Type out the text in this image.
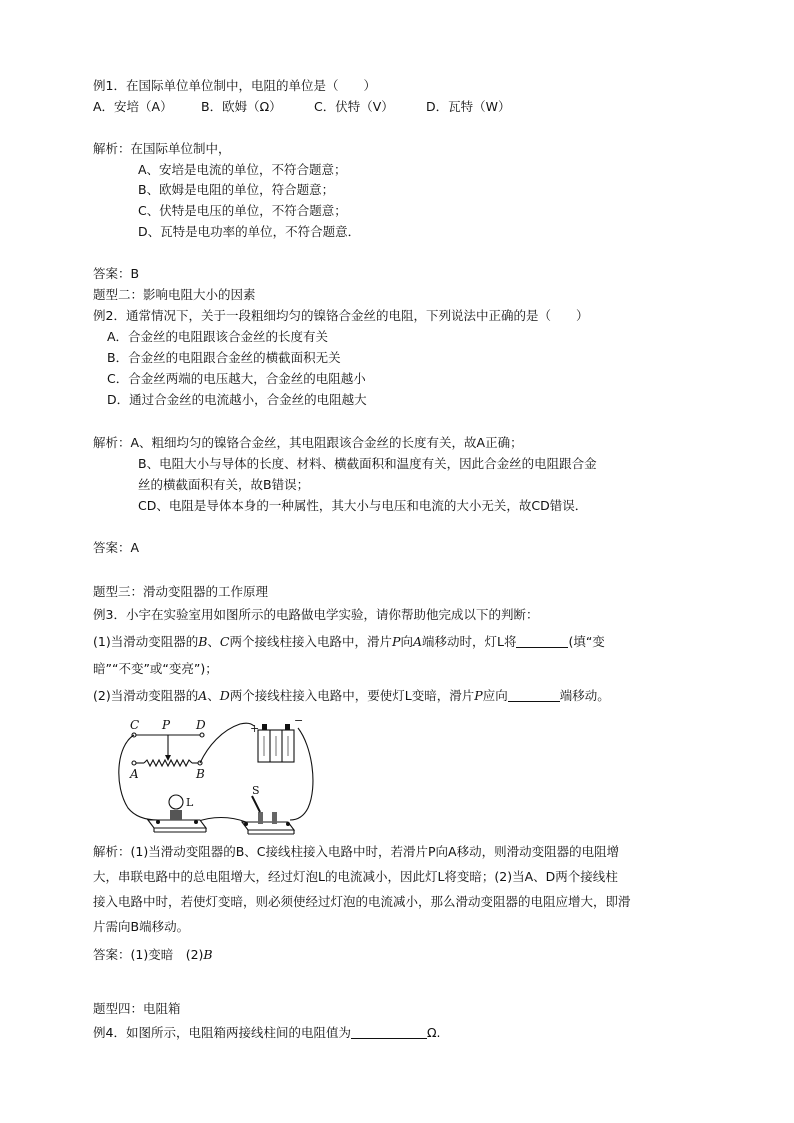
例1．在国际单位单位制中，电阻的单位是（　　）
A．安培（A） B．欧姆（Ω）	C．伏特（V）	D．瓦特（W）
解析：在国际单位制中，
A、安培是电流的单位，不符合题意；
B、欧姆是电阻的单位，符合题意；
C、伏特是电压的单位，不符合题意；
D、瓦特是电功率的单位，不符合题意．
答案：B
题型二：影响电阻大小的因素
例2．通常情况下，关于一段粗细均匀的镍铬合金丝的电阻，下列说法中正确的是（　　）
A．合金丝的电阻跟该合金丝的长度有关
B．合金丝的电阻跟合金丝的横截面积无关
C．合金丝两端的电压越大，合金丝的电阻越小
D．通过合金丝的电流越小，合金丝的电阻越大
解析：A、粗细均匀的镍铬合金丝，其电阻跟该合金丝的长度有关，故A正确；
B、电阻大小与导体的长度、材料、横截面积和温度有关，因此合金丝的电阻跟合金
丝的横截面积有关，故B错误；
CD、电阻是导体本身的一种属性，其大小与电压和电流的大小无关，故CD错误．
答案：A
题型三：滑动变阻器的工作原理
例3．小宇在实验室用如图所示的电路做电学实验，请你帮助他完成以下的判断：
(1)当滑动变阻器的B、C两个接线柱接入电路中，滑片P向A端移动时，灯L将	(填“变
暗”“不变”或“变亮”)；
(2)当滑动变阻器的A、D两个接线柱接入电路中，要使灯L变暗，滑片P应向	端移动。
C P D
A	B
L
S
+
−
解析：(1)当滑动变阻器的B、C接线柱接入电路中时，若滑片P向A移动，则滑动变阻器的电阻增
大，串联电路中的总电阻增大，经过灯泡L的电流减小，因此灯L将变暗；(2)当A、D两个接线柱
接入电路中时，若使灯变暗，则必须使经过灯泡的电流减小，那么滑动变阻器的电阻应增大，即滑
片需向B端移动。
答案：(1)变暗　(2)B
题型四：电阻箱
例4．如图所示，电阻箱两接线柱间的电阻值为	Ω.
